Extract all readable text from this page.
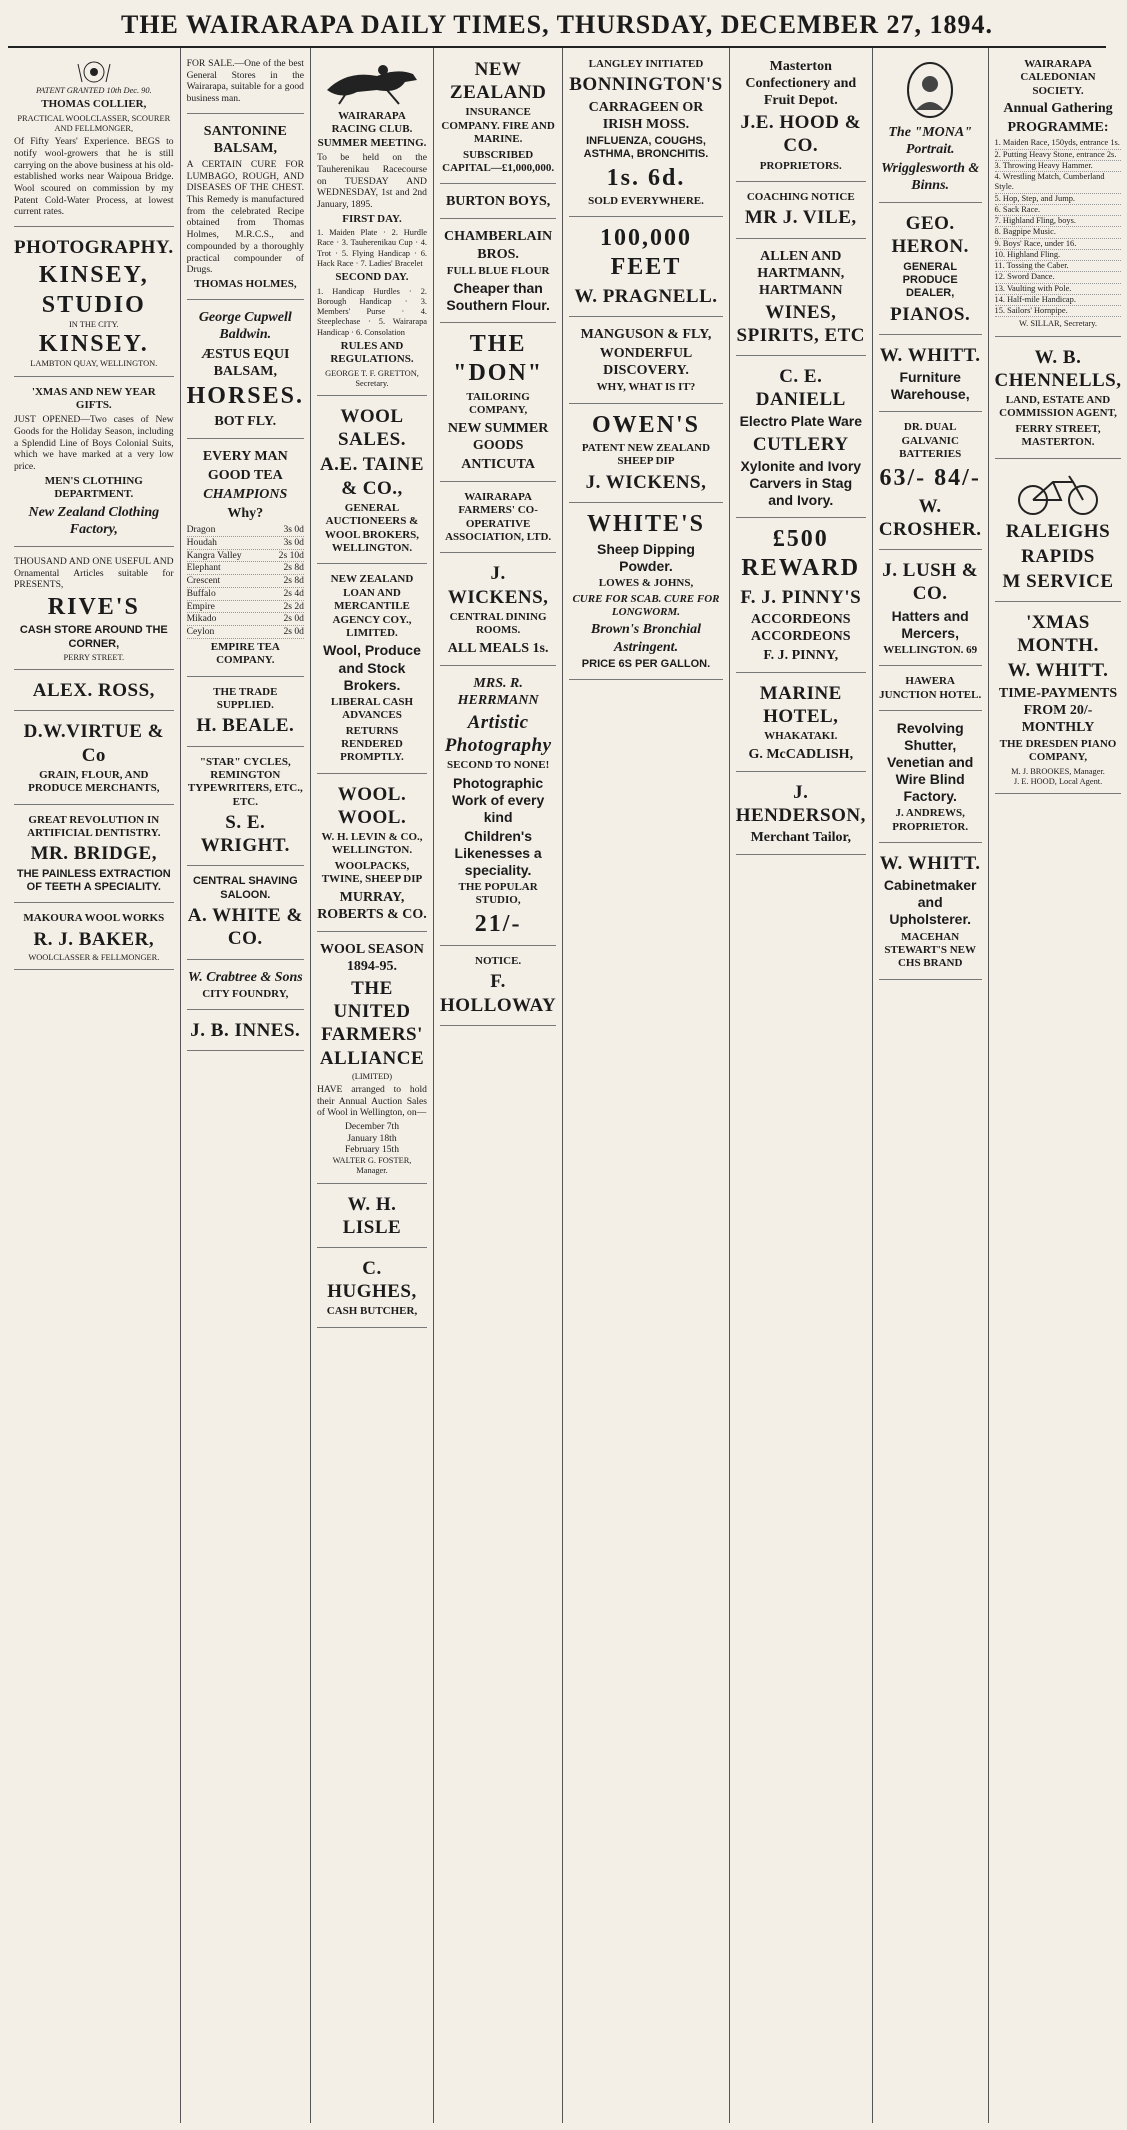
THE WAIRARAPA DAILY TIMES, THURSDAY, DECEMBER 27, 1894.
PATENT GRANTED 10th Dec. 90.
THOMAS COLLIER,
PRACTICAL WOOLCLASSER, SCOURER AND FELLMONGER,

Of Fifty Years' Experience. BEGS to notify wool-growers that he is still carrying on the above business at his old-established works near Waipoua Bridge. Wool scoured on commission by my Patent Cold-Water Process, at lowest current rates.

PHOTOGRAPHY.
KINSEY,
STUDIO
IN THE CITY.
KINSEY.
LAMBTON QUAY, WELLINGTON.
'XMAS AND NEW YEAR GIFTS.

JUST OPENED—Two cases of New Goods for the Holiday Season, including a Splendid Line of Boys Colonial Suits, which we have marked at a very low price.

MEN'S CLOTHING DEPARTMENT.
New Zealand Clothing Factory,

THOUSAND AND ONE USEFUL AND Ornamental Articles suitable for PRESENTS,

RIVE'S
CASH STORE AROUND THE CORNER,
PERRY STREET.
ALEX. ROSS,
D.W.VIRTUE & Co
GRAIN, FLOUR, AND PRODUCE MERCHANTS,
GREAT REVOLUTION IN ARTIFICIAL DENTISTRY.
MR. BRIDGE,
THE PAINLESS EXTRACTION OF TEETH A SPECIALITY.
MAKOURA WOOL WORKS
R. J. BAKER,
WOOLCLASSER & FELLMONGER.

FOR SALE.—One of the best General Stores in the Wairarapa, suitable for a good business man.

SANTONINE BALSAM,

A CERTAIN CURE FOR LUMBAGO, ROUGH, AND DISEASES OF THE CHEST. This Remedy is manufactured from the celebrated Recipe obtained from Thomas Holmes, M.R.C.S., and compounded by a thoroughly practical compounder of Drugs.

THOMAS HOLMES,
George Cupwell Baldwin.
ÆSTUS EQUI BALSAM,
HORSES.
BOT FLY.
EVERY MAN
GOOD TEA
CHAMPIONS
Why?
Dragon	3s 0d
Houdah	3s 0d
Kangra Valley	2s 10d
Elephant	2s 8d
Crescent	2s 8d
Buffalo	2s 4d
Empire	2s 2d
Mikado	2s 0d
Ceylon	2s 0d
EMPIRE TEA COMPANY.
THE TRADE SUPPLIED.
H. BEALE.
"STAR" CYCLES, REMINGTON TYPEWRITERS, ETC., ETC.
S. E. WRIGHT.
CENTRAL SHAVING SALOON.
A. WHITE & CO.
W. Crabtree & Sons
CITY FOUNDRY,
J. B. INNES.
WAIRARAPA RACING CLUB. SUMMER MEETING.

To be held on the Tauherenikau Racecourse on TUESDAY AND WEDNESDAY, 1st and 2nd January, 1895.

FIRST DAY.

1. Maiden Plate · 2. Hurdle Race · 3. Tauherenikau Cup · 4. Trot · 5. Flying Handicap · 6. Hack Race · 7. Ladies' Bracelet

SECOND DAY.

1. Handicap Hurdles · 2. Borough Handicap · 3. Members' Purse · 4. Steeplechase · 5. Wairarapa Handicap · 6. Consolation

RULES AND REGULATIONS.
GEORGE T. F. GRETTON, Secretary.
WOOL SALES.
A.E. TAINE & CO.,
GENERAL AUCTIONEERS & WOOL BROKERS, WELLINGTON.
NEW ZEALAND LOAN AND MERCANTILE AGENCY COY., LIMITED.
Wool, Produce and Stock Brokers.
LIBERAL CASH ADVANCES
RETURNS RENDERED PROMPTLY.
WOOL. WOOL.
W. H. LEVIN & CO., WELLINGTON.
WOOLPACKS, TWINE, SHEEP DIP
MURRAY, ROBERTS & CO.
WOOL SEASON 1894-95.
THE UNITED FARMERS' ALLIANCE
(LIMITED)

HAVE arranged to hold their Annual Auction Sales of Wool in Wellington, on—

December 7th
January 18th
February 15th
WALTER G. FOSTER, Manager.
W. H. LISLE
C. HUGHES,
CASH BUTCHER,
NEW ZEALAND
INSURANCE COMPANY. FIRE AND MARINE.
SUBSCRIBED CAPITAL—£1,000,000.
BURTON BOYS,
CHAMBERLAIN BROS.
FULL BLUE FLOUR
Cheaper than Southern Flour.
THE "DON"
TAILORING COMPANY,
NEW SUMMER GOODS
ANTICUTA
WAIRARAPA FARMERS' CO-OPERATIVE ASSOCIATION, LTD.
J. WICKENS,
CENTRAL DINING ROOMS.
ALL MEALS 1s.
MRS. R. HERRMANN
Artistic Photography
SECOND TO NONE!
Photographic Work of every kind
Children's Likenesses a speciality.
THE POPULAR STUDIO,
21/-
NOTICE.
F. HOLLOWAY
LANGLEY INITIATED
BONNINGTON'S
CARRAGEEN OR IRISH MOSS.
INFLUENZA, COUGHS, ASTHMA, BRONCHITIS.
1s. 6d.
SOLD EVERYWHERE.
100,000 FEET
W. PRAGNELL.
MANGUSON & FLY,
WONDERFUL DISCOVERY.
WHY, WHAT IS IT?
OWEN'S
PATENT NEW ZEALAND SHEEP DIP
J. WICKENS,
WHITE'S
Sheep Dipping Powder.
LOWES & JOHNS,
CURE FOR SCAB. CURE FOR LONGWORM.
Brown's Bronchial Astringent.
PRICE 6S PER GALLON.
Masterton Confectionery and Fruit Depot.
J.E. HOOD & CO.
PROPRIETORS.
COACHING NOTICE
MR J. VILE,
ALLEN AND HARTMANN, HARTMANN
WINES, SPIRITS, ETC
C. E. DANIELL
Electro Plate Ware
CUTLERY
Xylonite and Ivory Carvers in Stag and Ivory.
£500 REWARD
F. J. PINNY'S
ACCORDEONS ACCORDEONS
F. J. PINNY,
MARINE HOTEL,
WHAKATAKI.
G. McCADLISH,
J. HENDERSON,
Merchant Tailor,
The "MONA" Portrait.
Wrigglesworth & Binns.
GEO. HERON.
GENERAL PRODUCE DEALER,
PIANOS.
W. WHITT.
Furniture Warehouse,
DR. DUAL GALVANIC BATTERIES
63/- 84/-
W. CROSHER.
J. LUSH & CO.
Hatters and Mercers,
WELLINGTON. 69
HAWERA JUNCTION HOTEL.
Revolving Shutter, Venetian and Wire Blind Factory.
J. ANDREWS, PROPRIETOR.
W. WHITT.
Cabinetmaker and Upholsterer.
MACEHAN STEWART'S NEW CHS BRAND
WAIRARAPA CALEDONIAN SOCIETY.
Annual Gathering
PROGRAMME:
1. Maiden Race, 150yds, entrance 1s.
2. Putting Heavy Stone, entrance 2s.
3. Throwing Heavy Hammer.
4. Wrestling Match, Cumberland Style.
5. Hop, Step, and Jump.
6. Sack Race.
7. Highland Fling, boys.
8. Bagpipe Music.
9. Boys' Race, under 16.
10. Highland Fling.
11. Tossing the Caber.
12. Sword Dance.
13. Vaulting with Pole.
14. Half-mile Handicap.
15. Sailors' Hornpipe.
W. SILLAR, Secretary.
W. B. CHENNELLS,
LAND, ESTATE AND COMMISSION AGENT,
FERRY STREET, MASTERTON.
RALEIGHS
RAPIDS
M SERVICE
'XMAS MONTH.
W. WHITT.
TIME-PAYMENTS FROM 20/- MONTHLY
THE DRESDEN PIANO COMPANY,
M. J. BROOKES, Manager.
J. E. HOOD, Local Agent.
